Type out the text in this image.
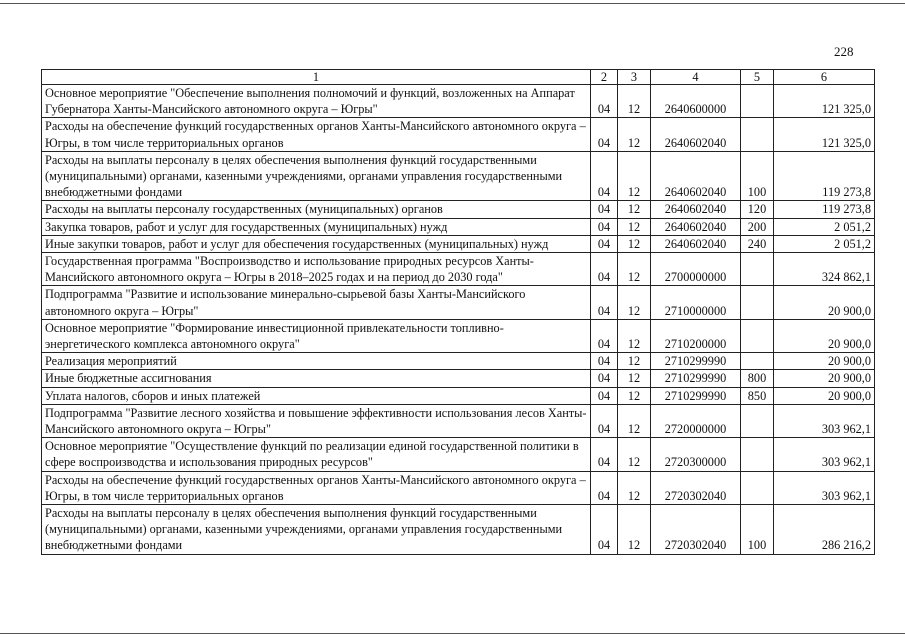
228
1	2	3	4	5	6
Основное мероприятие "Обеспечение выполнения полномочий и функций, возложенных на Аппарат Губернатора Ханты-Мансийского автономного округа – Югры"	04	12	2640600000		121 325,0
Расходы на обеспечение функций государственных органов Ханты-Мансийского автономного округа – Югры, в том числе территориальных органов	04	12	2640602040		121 325,0
Расходы на выплаты персоналу в целях обеспечения выполнения функций государственными (муниципальными) органами, казенными учреждениями, органами управления государственными внебюджетными фондами	04	12	2640602040	100	119 273,8
Расходы на выплаты персоналу государственных (муниципальных) органов	04	12	2640602040	120	119 273,8
Закупка товаров, работ и услуг для государственных (муниципальных) нужд	04	12	2640602040	200	2 051,2
Иные закупки товаров, работ и услуг для обеспечения государственных (муниципальных) нужд	04	12	2640602040	240	2 051,2
Государственная программа "Воспроизводство и использование природных ресурсов Ханты-Мансийского автономного округа – Югры в 2018–2025 годах и на период до 2030 года"	04	12	2700000000		324 862,1
Подпрограмма "Развитие и использование минерально-сырьевой базы Ханты-Мансийского автономного округа – Югры"	04	12	2710000000		20 900,0
Основное мероприятие "Формирование инвестиционной привлекательности топливно-энергетического комплекса автономного округа"	04	12	2710200000		20 900,0
Реализация мероприятий	04	12	2710299990		20 900,0
Иные бюджетные ассигнования	04	12	2710299990	800	20 900,0
Уплата налогов, сборов и иных платежей	04	12	2710299990	850	20 900,0
Подпрограмма "Развитие лесного хозяйства и повышение эффективности использования лесов Ханты-Мансийского автономного округа – Югры"	04	12	2720000000		303 962,1
Основное мероприятие "Осуществление функций по реализации единой государственной политики в сфере воспроизводства и использования природных ресурсов"	04	12	2720300000		303 962,1
Расходы на обеспечение функций государственных органов Ханты-Мансийского автономного округа – Югры, в том числе территориальных органов	04	12	2720302040		303 962,1
Расходы на выплаты персоналу в целях обеспечения выполнения функций государственными (муниципальными) органами, казенными учреждениями, органами управления государственными внебюджетными фондами	04	12	2720302040	100	286 216,2
